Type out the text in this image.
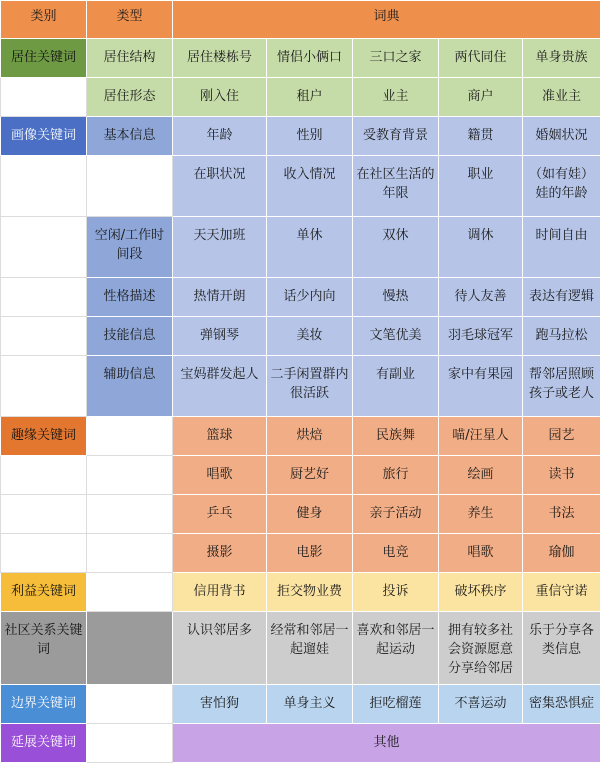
类别	类型	词典				
居住关键词	居住结构	居住楼栋号	情侣小俩口	三口之家	两代同住	单身贵族
	居住形态	刚入住	租户	业主	商户	准业主
画像关键词	基本信息	年龄	性别	受教育背景	籍贯	婚姻状况
		在职状况	收入情况	在社区生活的年限	职业	（如有娃）娃的年龄
	空闲/工作时间段	天天加班	单休	双休	调休	时间自由
	性格描述	热情开朗	话少内向	慢热	待人友善	表达有逻辑
	技能信息	弹钢琴	美妆	文笔优美	羽毛球冠军	跑马拉松
	辅助信息	宝妈群发起人	二手闲置群内很活跃	有副业	家中有果园	帮邻居照顾孩子或老人
趣缘关键词		篮球	烘焙	民族舞	喵/汪星人	园艺
		唱歌	厨艺好	旅行	绘画	读书
		乒乓	健身	亲子活动	养生	书法
		摄影	电影	电竞	唱歌	瑜伽
利益关键词		信用背书	拒交物业费	投诉	破坏秩序	重信守诺
社区关系关键词		认识邻居多	经常和邻居一起遛娃	喜欢和邻居一起运动	拥有较多社会资源愿意分享给邻居	乐于分享各类信息
边界关键词		害怕狗	单身主义	拒吃榴莲	不喜运动	密集恐惧症
延展关键词		其他				
